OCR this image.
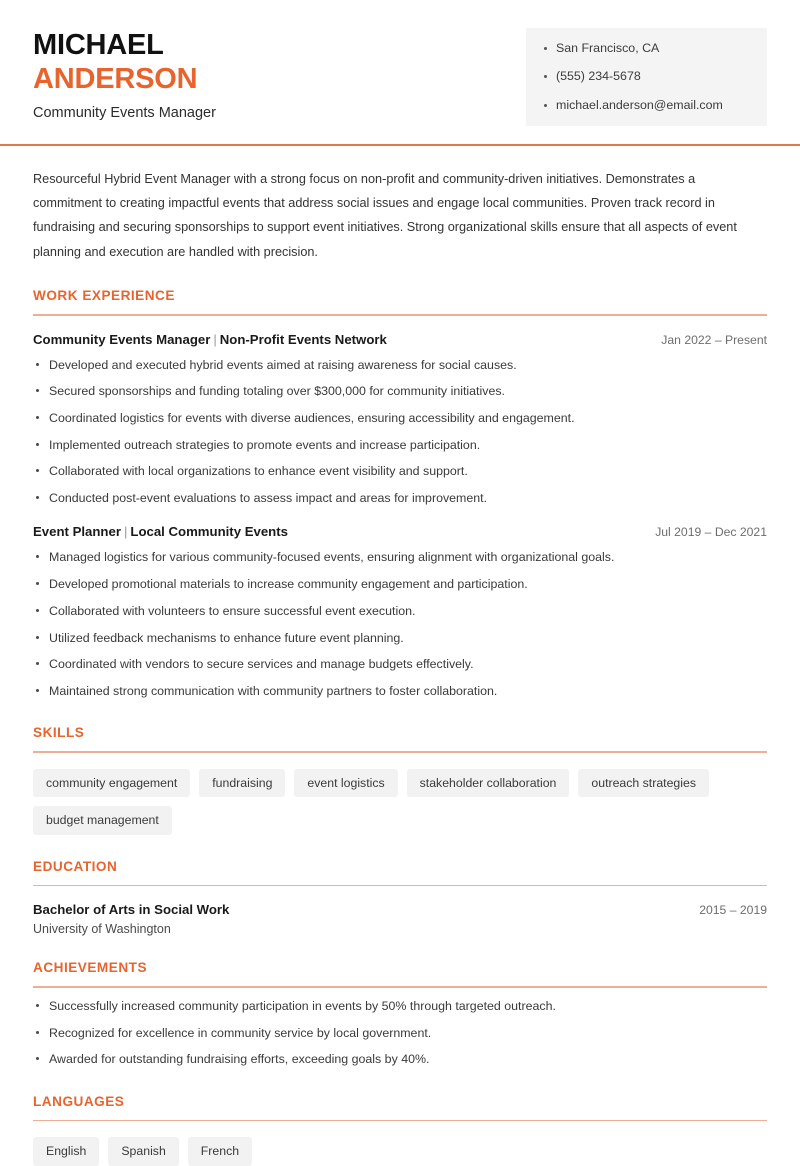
MICHAEL
ANDERSON
Community Events Manager
San Francisco, CA
(555) 234-5678
michael.anderson@email.com

Resourceful Hybrid Event Manager with a strong focus on non-profit and community-driven initiatives. Demonstrates a commitment to creating impactful events that address social issues and engage local communities. Proven track record in fundraising and securing sponsorships to support event initiatives. Strong organizational skills ensure that all aspects of event planning and execution are handled with precision.

WORK EXPERIENCE
Community Events Manager | Non-Profit Events Network	Jan 2022 – Present
Developed and executed hybrid events aimed at raising awareness for social causes.
Secured sponsorships and funding totaling over $300,000 for community initiatives.
Coordinated logistics for events with diverse audiences, ensuring accessibility and engagement.
Implemented outreach strategies to promote events and increase participation.
Collaborated with local organizations to enhance event visibility and support.
Conducted post-event evaluations to assess impact and areas for improvement.
Event Planner | Local Community Events	Jul 2019 – Dec 2021
Managed logistics for various community-focused events, ensuring alignment with organizational goals.
Developed promotional materials to increase community engagement and participation.
Collaborated with volunteers to ensure successful event execution.
Utilized feedback mechanisms to enhance future event planning.
Coordinated with vendors to secure services and manage budgets effectively.
Maintained strong communication with community partners to foster collaboration.
SKILLS
community engagement	fundraising	event logistics	stakeholder collaboration	outreach strategies
budget management
EDUCATION
Bachelor of Arts in Social Work	2015 – 2019
University of Washington
ACHIEVEMENTS
Successfully increased community participation in events by 50% through targeted outreach.
Recognized for excellence in community service by local government.
Awarded for outstanding fundraising efforts, exceeding goals by 40%.
LANGUAGES
English	Spanish	French
